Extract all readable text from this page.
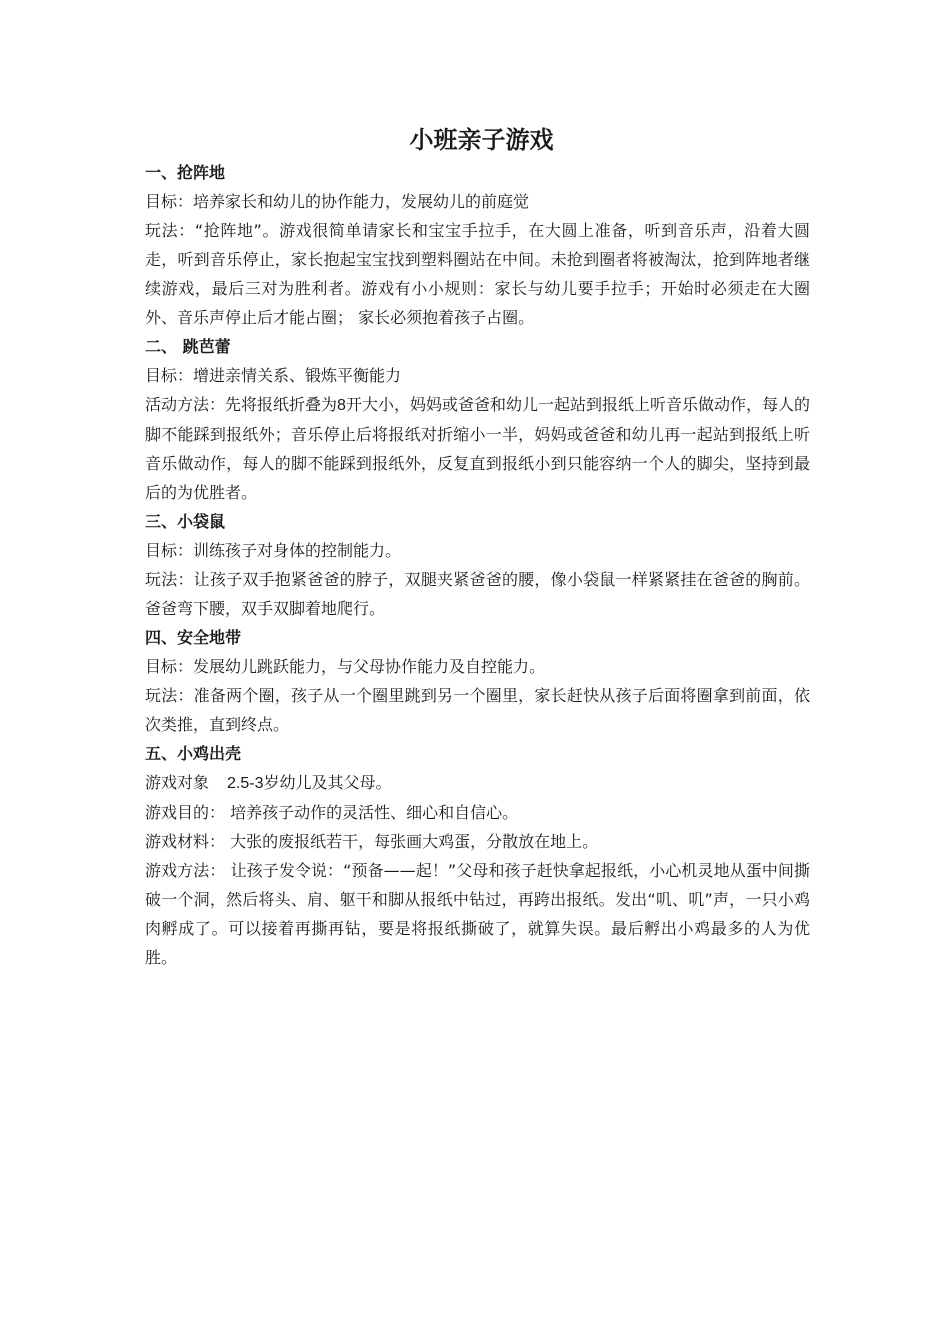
小班亲子游戏

一、抢阵地

目标：培养家长和幼儿的协作能力，发展幼儿的前庭觉

玩法：“抢阵地”。游戏很简单请家长和宝宝手拉手，在大圆上准备，听到音乐声，沿着大圆走，听到音乐停止，家长抱起宝宝找到塑料圈站在中间。未抢到圈者将被淘汰，抢到阵地者继续游戏，最后三对为胜利者。游戏有小小规则：家长与幼儿要手拉手；开始时必须走在大圈外、音乐声停止后才能占圈； 家长必须抱着孩子占圈。

二、 跳芭蕾

目标：增进亲情关系、锻炼平衡能力

活动方法：先将报纸折叠为8开大小，妈妈或爸爸和幼儿一起站到报纸上听音乐做动作，每人的脚不能踩到报纸外；音乐停止后将报纸对折缩小一半，妈妈或爸爸和幼儿再一起站到报纸上听音乐做动作，每人的脚不能踩到报纸外，反复直到报纸小到只能容纳一个人的脚尖，坚持到最后的为优胜者。

三、小袋鼠

目标：训练孩子对身体的控制能力。

玩法：让孩子双手抱紧爸爸的脖子，双腿夹紧爸爸的腰，像小袋鼠一样紧紧挂在爸爸的胸前。爸爸弯下腰，双手双脚着地爬行。

四、安全地带

目标：发展幼儿跳跃能力，与父母协作能力及自控能力。

玩法：准备两个圈，孩子从一个圈里跳到另一个圈里，家长赶快从孩子后面将圈拿到前面，依次类推，直到终点。

五、小鸡出壳

游戏对象 2.5-3岁幼儿及其父母。

游戏目的： 培养孩子动作的灵活性、细心和自信心。

游戏材料： 大张的废报纸若干，每张画大鸡蛋，分散放在地上。

游戏方法： 让孩子发令说：“预备——起！”父母和孩子赶快拿起报纸，小心机灵地从蛋中间撕破一个洞，然后将头、肩、躯干和脚从报纸中钻过，再跨出报纸。发出“叽、叽”声，一只小鸡肉孵成了。可以接着再撕再钻，要是将报纸撕破了，就算失误。最后孵出小鸡最多的人为优胜。
